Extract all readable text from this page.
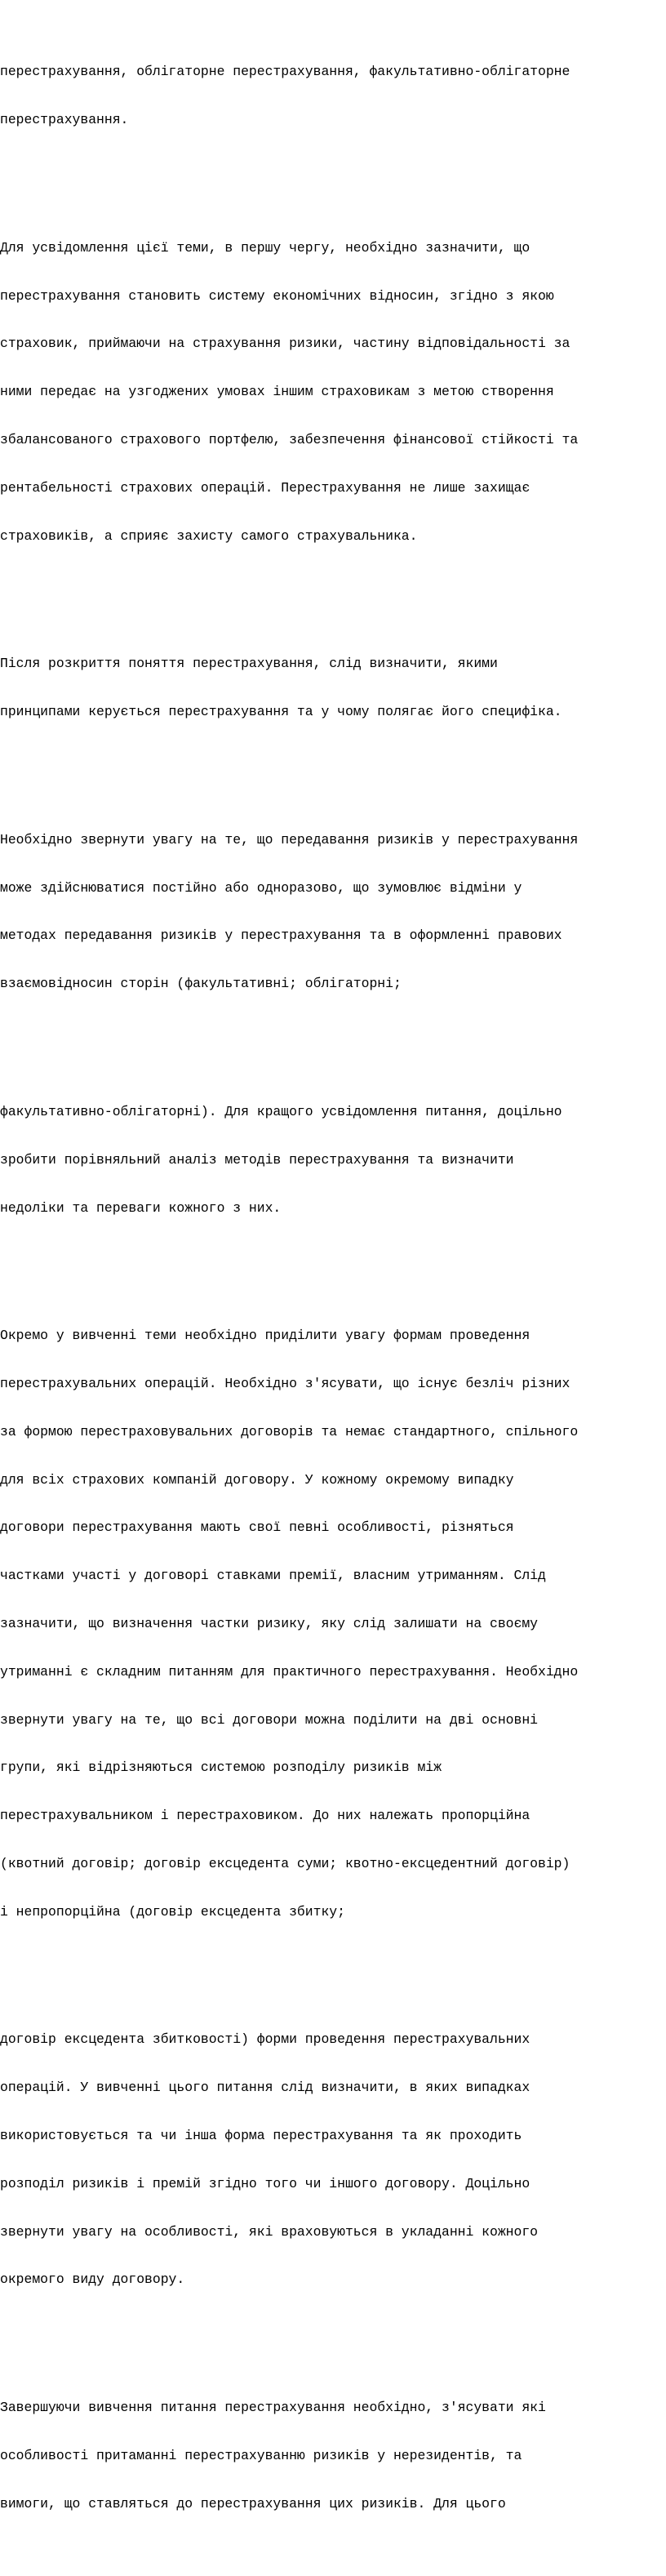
перестрахування, облігаторне перестрахування, факультативно-облігаторне

перестрахування.

Для усвідомлення цієї теми, в першу чергу, необхідно зазначити, що

перестрахування становить систему економічних відносин, згідно з якою

страховик, приймаючи на страхування ризики, частину відповідальності за

ними передає на узгоджених умовах іншим страховикам з метою створення

збалансованого страхового портфелю, забезпечення фінансової стійкості та

рентабельності страхових операцій. Перестрахування не лише захищає

страховиків, а сприяє захисту самого страхувальника.

Після розкриття поняття перестрахування, слід визначити, якими

принципами керується перестрахування та у чому полягає його специфіка.

Необхідно звернути увагу на те, що передавання ризиків у перестрахування

може здійснюватися постійно або одноразово, що зумовлює відміни у

методах передавання ризиків у перестрахування та в оформленні правових

взаємовідносин сторін (факультативні; облігаторні;

факультативно-облігаторні). Для кращого усвідомлення питання, доцільно

зробити порівняльний аналіз методів перестрахування та визначити

недоліки та переваги кожного з них.

Окремо у вивченні теми необхідно приділити увагу формам проведення

перестрахувальних операцій. Необхідно з'ясувати, що існує безліч різних

за формою перестраховувальних договорів та немає стандартного, спільного

для всіх страхових компаній договору. У кожному окремому випадку

договори перестрахування мають свої певні особливості, різняться

частками участі у договорі ставками премії, власним утриманням. Слід

зазначити, що визначення частки ризику, яку слід залишати на своєму

утриманні є складним питанням для практичного перестрахування. Необхідно

звернути увагу на те, що всі договори можна поділити на дві основні

групи, які відрізняються системою розподілу ризиків між

перестрахувальником і перестраховиком. До них належать пропорційна

(квотний договір; договір ексцедента суми; квотно-ексцедентний договір)

і непропорційна (договір ексцедента збитку;

договір ексцедента збитковості) форми проведення перестрахувальних

операцій. У вивченні цього питання слід визначити, в яких випадках

використовується та чи інша форма перестрахування та як проходить

розподіл ризиків і премій згідно того чи іншого договору. Доцільно

звернути увагу на особливості, які враховуються в укладанні кожного

окремого виду договору.

Завершуючи вивчення питання перестрахування необхідно, з'ясувати які

особливості притаманні перестрахуванню ризиків у нерезидентів, та

вимоги, що ставляться до перестрахування цих ризиків. Для цього
